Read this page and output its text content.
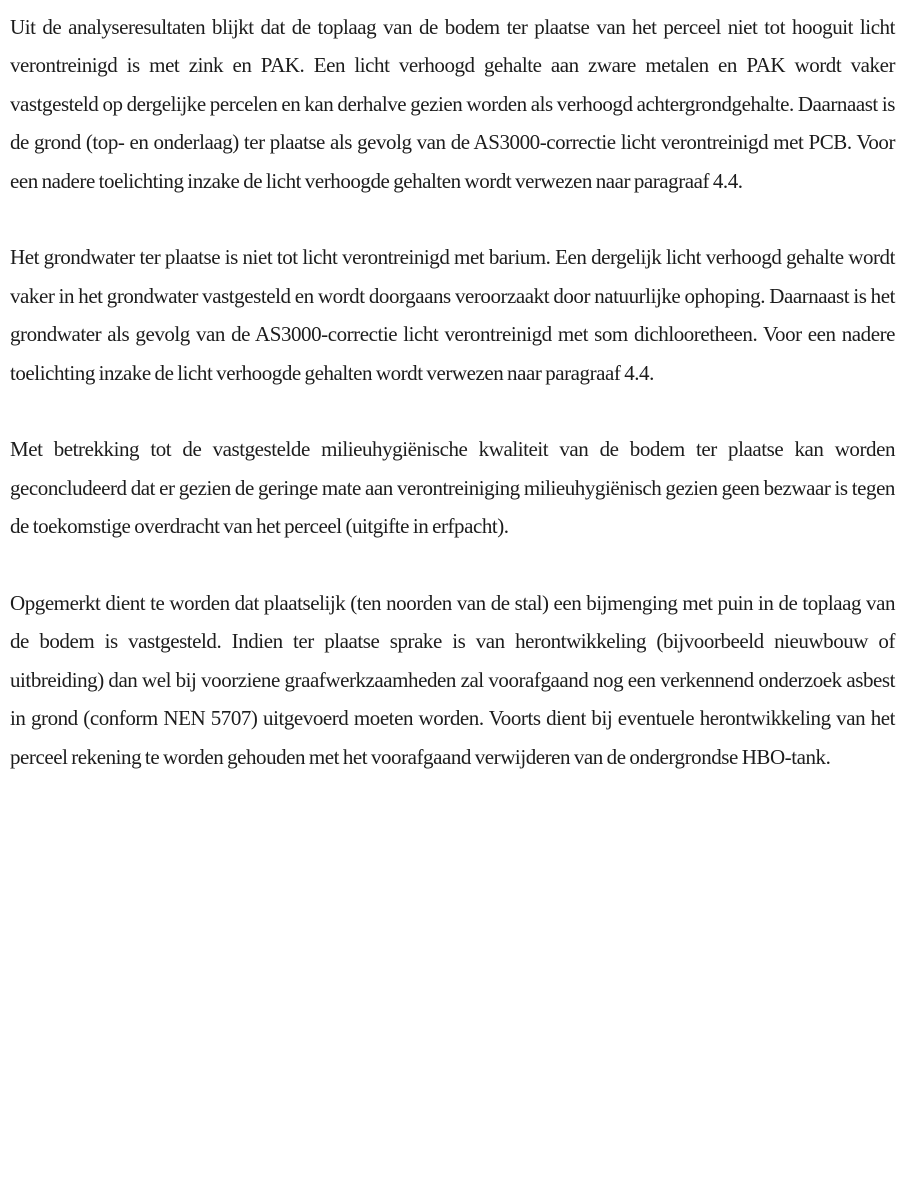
Uit de analyseresultaten blijkt dat de toplaag van de bodem ter plaatse van het perceel niet tot hooguit licht verontreinigd is met zink en PAK. Een licht verhoogd gehalte aan zware metalen en PAK wordt vaker vastgesteld op dergelijke percelen en kan derhalve gezien worden als verhoogd achtergrondgehalte. Daarnaast is de grond (top- en onderlaag) ter plaatse als gevolg van de AS3000-correctie licht verontreinigd met PCB. Voor een nadere toelichting inzake de licht verhoogde gehalten wordt verwezen naar paragraaf 4.4.

Het grondwater ter plaatse is niet tot licht verontreinigd met barium. Een dergelijk licht verhoogd gehalte wordt vaker in het grondwater vastgesteld en wordt doorgaans veroorzaakt door natuurlijke ophoping. Daarnaast is het grondwater als gevolg van de AS3000-correctie licht verontreinigd met som dichlooretheen. Voor een nadere toelichting inzake de licht verhoogde gehalten wordt verwezen naar paragraaf 4.4.

Met betrekking tot de vastgestelde milieuhygiënische kwaliteit van de bodem ter plaatse kan worden geconcludeerd dat er gezien de geringe mate aan verontreiniging milieuhygiënisch gezien geen bezwaar is tegen de toekomstige overdracht van het perceel (uitgifte in erfpacht).

Opgemerkt dient te worden dat plaatselijk (ten noorden van de stal) een bijmenging met puin in de toplaag van de bodem is vastgesteld. Indien ter plaatse sprake is van herontwikkeling (bijvoorbeeld nieuwbouw of uitbreiding) dan wel bij voorziene graafwerkzaamheden zal voorafgaand nog een verkennend onderzoek asbest in grond (conform NEN 5707) uitgevoerd moeten worden. Voorts dient bij eventuele herontwikkeling van het perceel rekening te worden gehouden met het voorafgaand verwijderen van de ondergrondse HBO-tank.
